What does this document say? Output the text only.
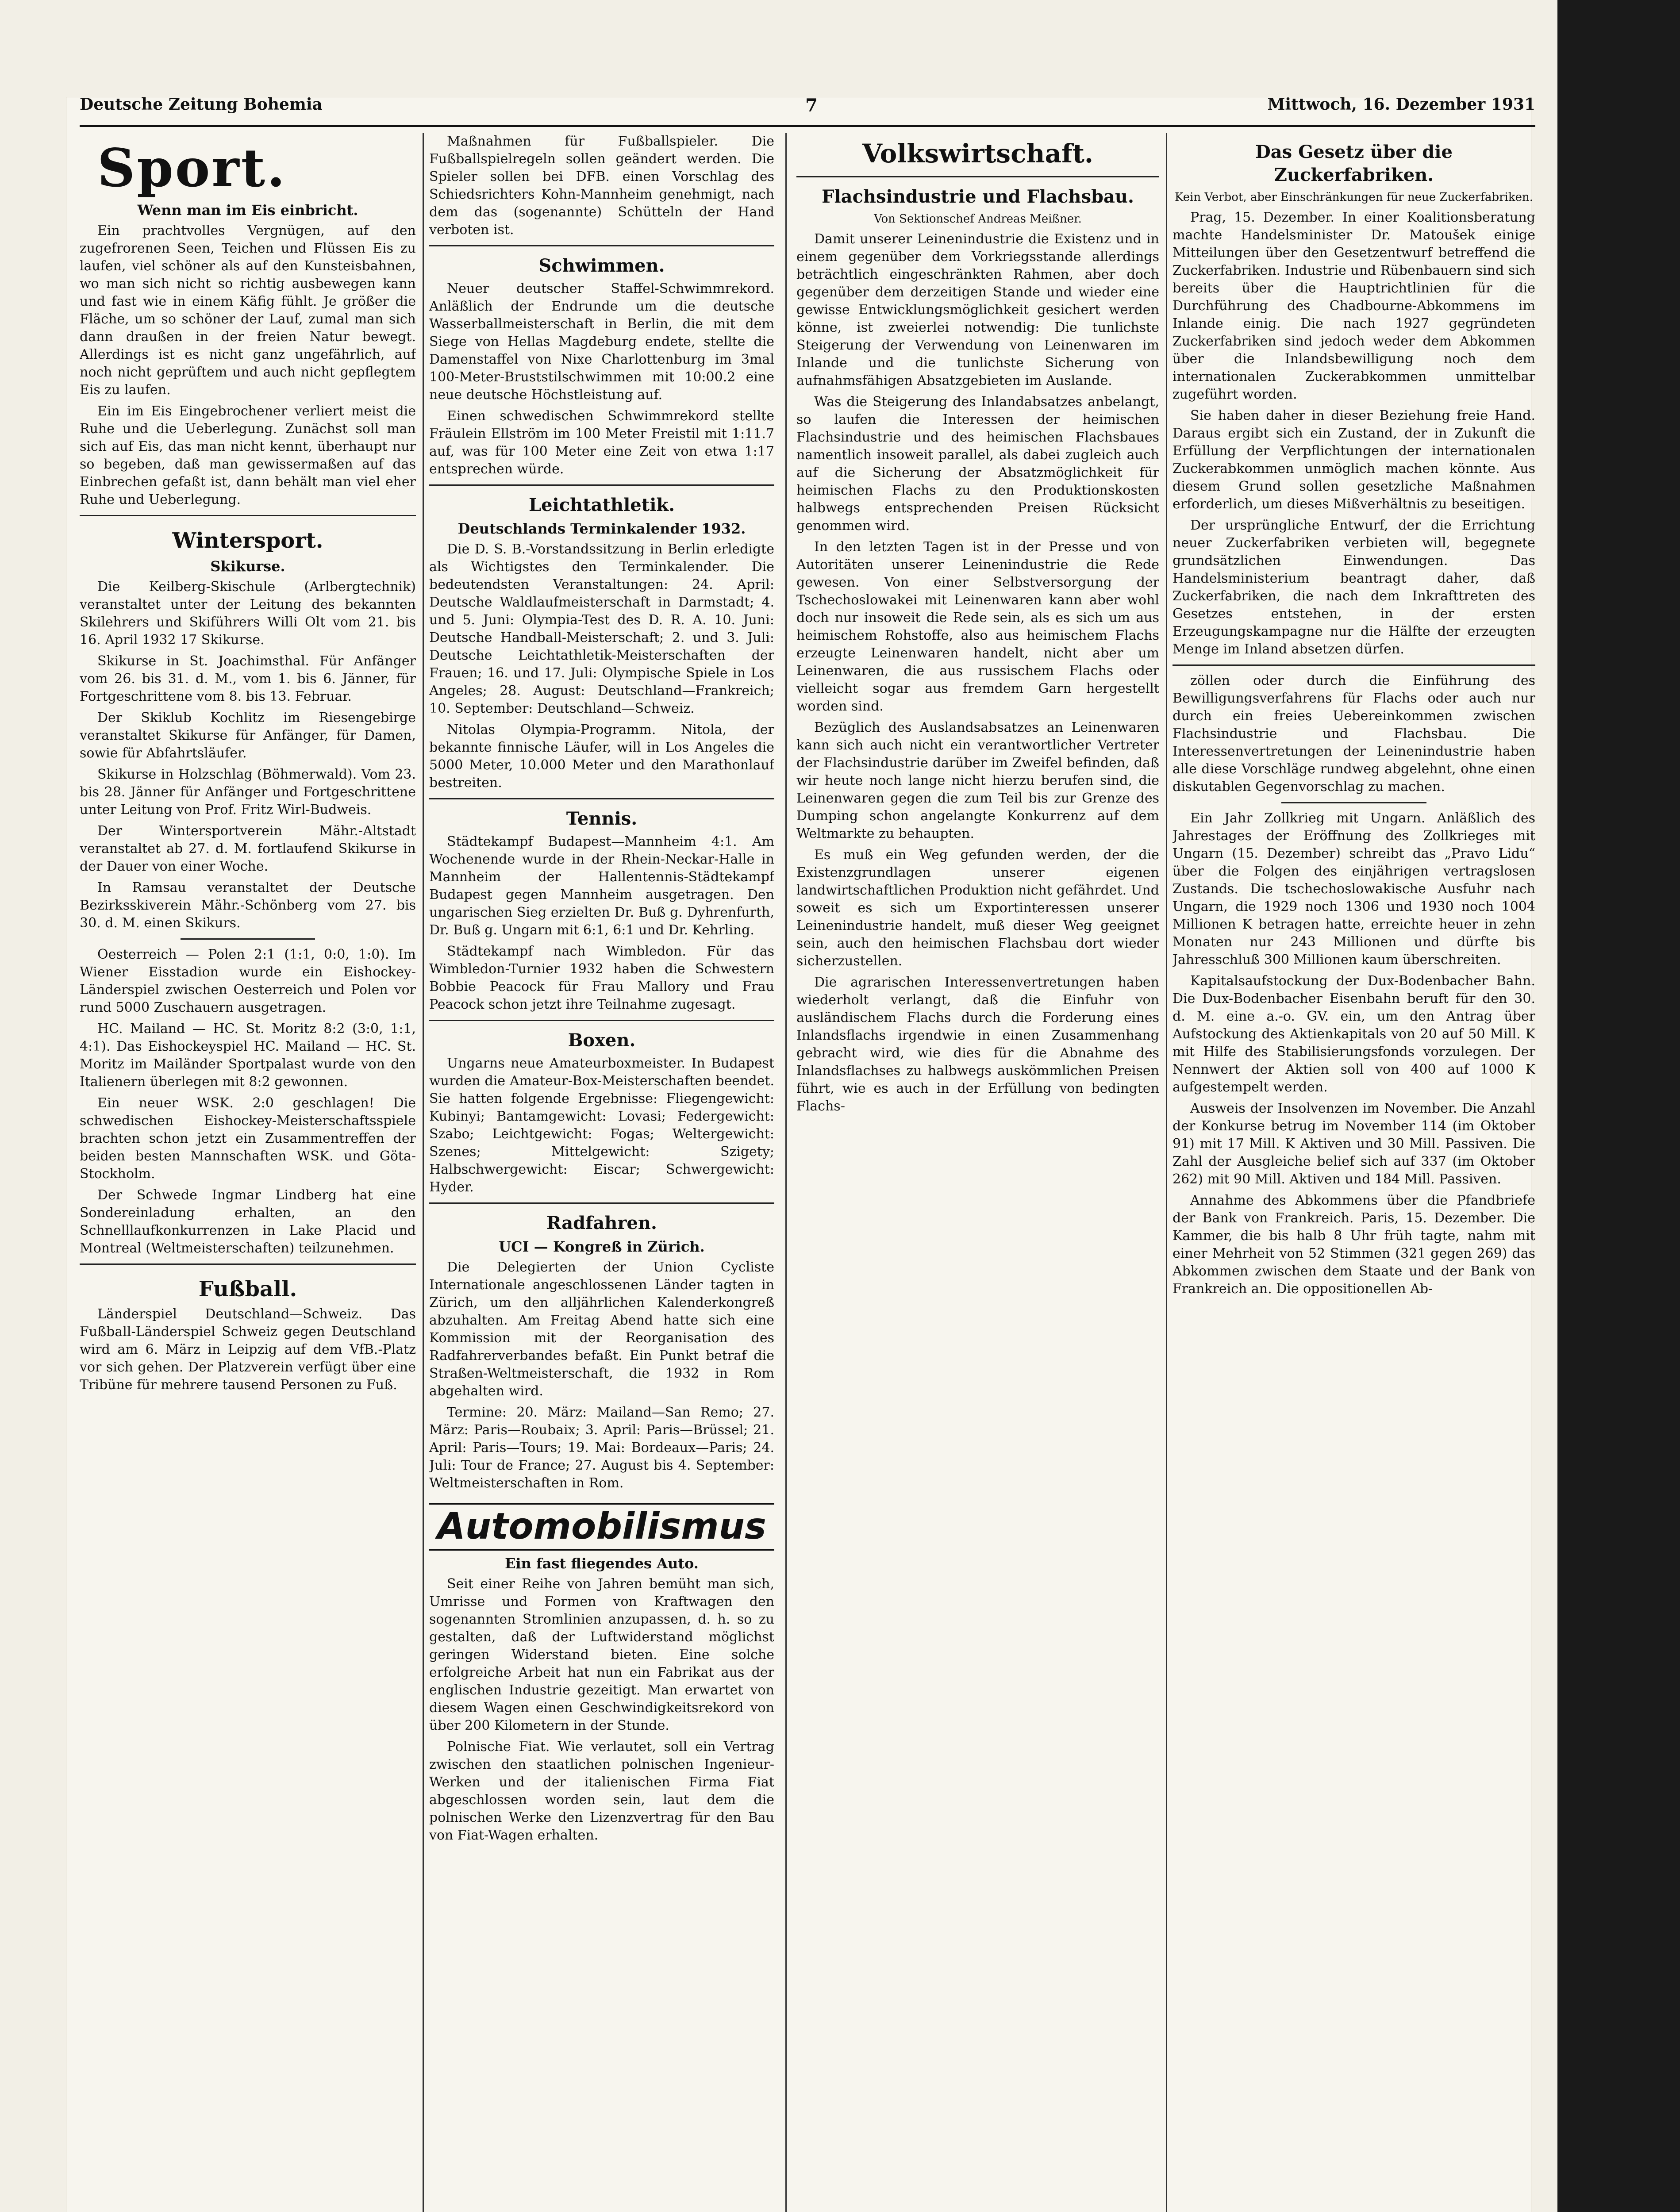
Deutsche Zeitung Bohemia	7	Mittwoch, 16. Dezember 1931
Sport.
Wenn man im Eis einbricht.

Ein prachtvolles Vergnügen, auf den zugefrorenen Seen, Teichen und Flüssen Eis zu laufen, viel schöner als auf den Kunsteisbahnen, wo man sich nicht so richtig ausbewegen kann und fast wie in einem Käfig fühlt. Je größer die Fläche, um so schöner der Lauf, zumal man sich dann draußen in der freien Natur bewegt. Allerdings ist es nicht ganz ungefährlich, auf noch nicht geprüftem und auch nicht gepflegtem Eis zu laufen.

Ein im Eis Eingebrochener verliert meist die Ruhe und die Ueberlegung. Zunächst soll man sich auf Eis, das man nicht kennt, überhaupt nur so begeben, daß man gewissermaßen auf das Einbrechen gefaßt ist, dann behält man viel eher Ruhe und Ueberlegung.

Wintersport.
Skikurse.

Die Keilberg-Skischule (Arlbergtechnik) veranstaltet unter der Leitung des bekannten Skilehrers und Skiführers Willi Olt vom 21. bis 16. April 1932 17 Skikurse.

Skikurse in St. Joachimsthal. Für Anfänger vom 26. bis 31. d. M., vom 1. bis 6. Jänner, für Fortgeschrittene vom 8. bis 13. Februar.

Der Skiklub Kochlitz im Riesengebirge veranstaltet Skikurse für Anfänger, für Damen, sowie für Abfahrtsläufer.

Skikurse in Holzschlag (Böhmerwald). Vom 23. bis 28. Jänner für Anfänger und Fortgeschrittene unter Leitung von Prof. Fritz Wirl-Budweis.

Der Wintersportverein Mähr.-Altstadt veranstaltet ab 27. d. M. fortlaufend Skikurse in der Dauer von einer Woche.

In Ramsau veranstaltet der Deutsche Bezirksskiverein Mähr.-Schönberg vom 27. bis 30. d. M. einen Skikurs.

Oesterreich — Polen 2:1 (1:1, 0:0, 1:0). Im Wiener Eisstadion wurde ein Eishockey-Länderspiel zwischen Oesterreich und Polen vor rund 5000 Zuschauern ausgetragen.

HC. Mailand — HC. St. Moritz 8:2 (3:0, 1:1, 4:1). Das Eishockeyspiel HC. Mailand — HC. St. Moritz im Mailänder Sportpalast wurde von den Italienern überlegen mit 8:2 gewonnen.

Ein neuer WSK. 2:0 geschlagen! Die schwedischen Eishockey-Meisterschaftsspiele brachten schon jetzt ein Zusammentreffen der beiden besten Mannschaften WSK. und Göta-Stockholm.

Der Schwede Ingmar Lindberg hat eine Sondereinladung erhalten, an den Schnelllaufkonkurrenzen in Lake Placid und Montreal (Weltmeisterschaften) teilzunehmen.

Fußball.

Länderspiel Deutschland—Schweiz. Das Fußball-Länderspiel Schweiz gegen Deutschland wird am 6. März in Leipzig auf dem VfB.-Platz vor sich gehen. Der Platzverein verfügt über eine Tribüne für mehrere tausend Personen zu Fuß.

Maßnahmen für Fußballspieler. Die Fußballspielregeln sollen geändert werden. Die Spieler sollen bei DFB. einen Vorschlag des Schiedsrichters Kohn-Mannheim genehmigt, nach dem das (sogenannte) Schütteln der Hand verboten ist.

Schwimmen.

Neuer deutscher Staffel-Schwimmrekord. Anläßlich der Endrunde um die deutsche Wasserballmeisterschaft in Berlin, die mit dem Siege von Hellas Magdeburg endete, stellte die Damenstaffel von Nixe Charlottenburg im 3mal 100-Meter-Bruststilschwimmen mit 10:00.2 eine neue deutsche Höchstleistung auf.

Einen schwedischen Schwimmrekord stellte Fräulein Ellström im 100 Meter Freistil mit 1:11.7 auf, was für 100 Meter eine Zeit von etwa 1:17 entsprechen würde.

Leichtathletik.
Deutschlands Terminkalender 1932.

Die D. S. B.-Vorstandssitzung in Berlin erledigte als Wichtigstes den Terminkalender. Die bedeutendsten Veranstaltungen: 24. April: Deutsche Waldlaufmeisterschaft in Darmstadt; 4. und 5. Juni: Olympia-Test des D. R. A. 10. Juni: Deutsche Handball-Meisterschaft; 2. und 3. Juli: Deutsche Leichtathletik-Meisterschaften der Frauen; 16. und 17. Juli: Olympische Spiele in Los Angeles; 28. August: Deutschland—Frankreich; 10. September: Deutschland—Schweiz.

Nitolas Olympia-Programm. Nitola, der bekannte finnische Läufer, will in Los Angeles die 5000 Meter, 10.000 Meter und den Marathonlauf bestreiten.

Tennis.

Städtekampf Budapest—Mannheim 4:1. Am Wochenende wurde in der Rhein-Neckar-Halle in Mannheim der Hallentennis-Städtekampf Budapest gegen Mannheim ausgetragen. Den ungarischen Sieg erzielten Dr. Buß g. Dyhrenfurth, Dr. Buß g. Ungarn mit 6:1, 6:1 und Dr. Kehrling.

Städtekampf nach Wimbledon. Für das Wimbledon-Turnier 1932 haben die Schwestern Bobbie Peacock für Frau Mallory und Frau Peacock schon jetzt ihre Teilnahme zugesagt.

Boxen.

Ungarns neue Amateurboxmeister. In Budapest wurden die Amateur-Box-Meisterschaften beendet. Sie hatten folgende Ergebnisse: Fliegengewicht: Kubinyi; Bantamgewicht: Lovasi; Federgewicht: Szabo; Leichtgewicht: Fogas; Weltergewicht: Szenes; Mittelgewicht: Szigety; Halbschwergewicht: Eiscar; Schwergewicht: Hyder.

Radfahren.
UCI — Kongreß in Zürich.

Die Delegierten der Union Cycliste Internationale angeschlossenen Länder tagten in Zürich, um den alljährlichen Kalenderkongreß abzuhalten. Am Freitag Abend hatte sich eine Kommission mit der Reorganisation des Radfahrerverbandes befaßt. Ein Punkt betraf die Straßen-Weltmeisterschaft, die 1932 in Rom abgehalten wird.

Termine: 20. März: Mailand—San Remo; 27. März: Paris—Roubaix; 3. April: Paris—Brüssel; 21. April: Paris—Tours; 19. Mai: Bordeaux—Paris; 24. Juli: Tour de France; 27. August bis 4. September: Weltmeisterschaften in Rom.

Automobilismus
Ein fast fliegendes Auto.

Seit einer Reihe von Jahren bemüht man sich, Umrisse und Formen von Kraftwagen den sogenannten Stromlinien anzupassen, d. h. so zu gestalten, daß der Luftwiderstand möglichst geringen Widerstand bieten. Eine solche erfolgreiche Arbeit hat nun ein Fabrikat aus der englischen Industrie gezeitigt. Man erwartet von diesem Wagen einen Geschwindigkeitsrekord von über 200 Kilometern in der Stunde.

Polnische Fiat. Wie verlautet, soll ein Vertrag zwischen den staatlichen polnischen Ingenieur-Werken und der italienischen Firma Fiat abgeschlossen worden sein, laut dem die polnischen Werke den Lizenzvertrag für den Bau von Fiat-Wagen erhalten.

Volkswirtschaft.
Flachsindustrie und Flachsbau.
Von Sektionschef Andreas Meißner.

Damit unserer Leinenindustrie die Existenz und in einem gegenüber dem Vorkriegsstande allerdings beträchtlich eingeschränkten Rahmen, aber doch gegenüber dem derzeitigen Stande und wieder eine gewisse Entwicklungsmöglichkeit gesichert werden könne, ist zweierlei notwendig: Die tunlichste Steigerung der Verwendung von Leinenwaren im Inlande und die tunlichste Sicherung von aufnahmsfähigen Absatzgebieten im Auslande.

Was die Steigerung des Inlandabsatzes anbelangt, so laufen die Interessen der heimischen Flachsindustrie und des heimischen Flachsbaues namentlich insoweit parallel, als dabei zugleich auch auf die Sicherung der Absatzmöglichkeit für heimischen Flachs zu den Produktionskosten halbwegs entsprechenden Preisen Rücksicht genommen wird.

In den letzten Tagen ist in der Presse und von Autoritäten unserer Leinenindustrie die Rede gewesen. Von einer Selbstversorgung der Tschechoslowakei mit Leinenwaren kann aber wohl doch nur insoweit die Rede sein, als es sich um aus heimischem Rohstoffe, also aus heimischem Flachs erzeugte Leinenwaren handelt, nicht aber um Leinenwaren, die aus russischem Flachs oder vielleicht sogar aus fremdem Garn hergestellt worden sind.

Bezüglich des Auslandsabsatzes an Leinenwaren kann sich auch nicht ein verantwortlicher Vertreter der Flachsindustrie darüber im Zweifel befinden, daß wir heute noch lange nicht hierzu berufen sind, die Leinenwaren gegen die zum Teil bis zur Grenze des Dumping schon angelangte Konkurrenz auf dem Weltmarkte zu behaupten.

Es muß ein Weg gefunden werden, der die Existenzgrundlagen unserer eigenen landwirtschaftlichen Produktion nicht gefährdet. Und soweit es sich um Exportinteressen unserer Leinenindustrie handelt, muß dieser Weg geeignet sein, auch den heimischen Flachsbau dort wieder sicherzustellen.

Die agrarischen Interessenvertretungen haben wiederholt verlangt, daß die Einfuhr von ausländischem Flachs durch die Forderung eines Inlandsflachs irgendwie in einen Zusammenhang gebracht wird, wie dies für die Abnahme des Inlandsflachses zu halbwegs auskömmlichen Preisen führt, wie es auch in der Erfüllung von bedingten Flachs-

Das Gesetz über die Zuckerfabriken.
Kein Verbot, aber Einschränkungen für neue Zuckerfabriken.

Prag, 15. Dezember. In einer Koalitionsberatung machte Handelsminister Dr. Matoušek einige Mitteilungen über den Gesetzentwurf betreffend die Zuckerfabriken. Industrie und Rübenbauern sind sich bereits über die Hauptrichtlinien für die Durchführung des Chadbourne-Abkommens im Inlande einig. Die nach 1927 gegründeten Zuckerfabriken sind jedoch weder dem Abkommen über die Inlandsbewilligung noch dem internationalen Zuckerabkommen unmittelbar zugeführt worden.

Sie haben daher in dieser Beziehung freie Hand. Daraus ergibt sich ein Zustand, der in Zukunft die Erfüllung der Verpflichtungen der internationalen Zuckerabkommen unmöglich machen könnte. Aus diesem Grund sollen gesetzliche Maßnahmen erforderlich, um dieses Mißverhältnis zu beseitigen.

Der ursprüngliche Entwurf, der die Errichtung neuer Zuckerfabriken verbieten will, begegnete grundsätzlichen Einwendungen. Das Handelsministerium beantragt daher, daß Zuckerfabriken, die nach dem Inkrafttreten des Gesetzes entstehen, in der ersten Erzeugungskampagne nur die Hälfte der erzeugten Menge im Inland absetzen dürfen.

zöllen oder durch die Einführung des Bewilligungsverfahrens für Flachs oder auch nur durch ein freies Uebereinkommen zwischen Flachsindustrie und Flachsbau. Die Interessenvertretungen der Leinenindustrie haben alle diese Vorschläge rundweg abgelehnt, ohne einen diskutablen Gegenvorschlag zu machen.

Ein Jahr Zollkrieg mit Ungarn. Anläßlich des Jahrestages der Eröffnung des Zollkrieges mit Ungarn (15. Dezember) schreibt das „Pravo Lidu“ über die Folgen des einjährigen vertragslosen Zustands. Die tschechoslowakische Ausfuhr nach Ungarn, die 1929 noch 1306 und 1930 noch 1004 Millionen K betragen hatte, erreichte heuer in zehn Monaten nur 243 Millionen und dürfte bis Jahresschluß 300 Millionen kaum überschreiten.

Kapitalsaufstockung der Dux-Bodenbacher Bahn. Die Dux-Bodenbacher Eisenbahn beruft für den 30. d. M. eine a.-o. GV. ein, um den Antrag über Aufstockung des Aktienkapitals von 20 auf 50 Mill. K mit Hilfe des Stabilisierungsfonds vorzulegen. Der Nennwert der Aktien soll von 400 auf 1000 K aufgestempelt werden.

Ausweis der Insolvenzen im November. Die Anzahl der Konkurse betrug im November 114 (im Oktober 91) mit 17 Mill. K Aktiven und 30 Mill. Passiven. Die Zahl der Ausgleiche belief sich auf 337 (im Oktober 262) mit 90 Mill. Aktiven und 184 Mill. Passiven.

Annahme des Abkommens über die Pfandbriefe der Bank von Frankreich. Paris, 15. Dezember. Die Kammer, die bis halb 8 Uhr früh tagte, nahm mit einer Mehrheit von 52 Stimmen (321 gegen 269) das Abkommen zwischen dem Staate und der Bank von Frankreich an. Die oppositionellen Ab-
